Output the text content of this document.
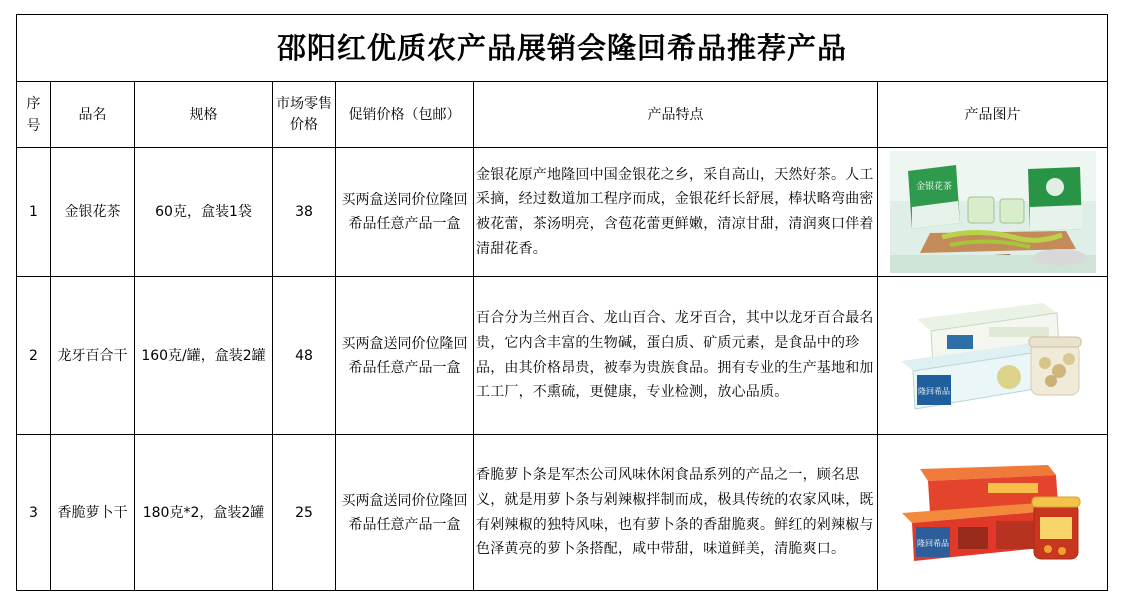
邵阳红优质农产品展销会隆回希品推荐产品						
序号	品名	规格	市场零售价格	促销价格（包邮）	产品特点	产品图片
1	金银花茶	60克，盒装1袋	38	买两盒送同价位隆回希品任意产品一盒	金银花原产地隆回中国金银花之乡，采自高山，天然好茶。人工采摘，经过数道加工程序而成，金银花纤长舒展，棒状略弯曲密被花蕾，茶汤明亮，含苞花蕾更鲜嫩，清凉甘甜，清润爽口伴着清甜花香。	金银花茶

2	龙牙百合干	160克/罐，盒装2罐	48	买两盒送同价位隆回希品任意产品一盒	百合分为兰州百合、龙山百合、龙牙百合，其中以龙牙百合最名贵，它内含丰富的生物碱，蛋白质、矿质元素，是食品中的珍品，由其价格昂贵，被奉为贵族食品。拥有专业的生产基地和加工工厂，不熏硫，更健康，专业检测，放心品质。	隆回希品

3	香脆萝卜干	180克*2，盒装2罐	25	买两盒送同价位隆回希品任意产品一盒	香脆萝卜条是军杰公司风味休闲食品系列的产品之一，顾名思义，就是用萝卜条与剁辣椒拌制而成，极具传统的农家风味，既有剁辣椒的独特风味，也有萝卜条的香甜脆爽。鲜红的剁辣椒与色泽黄亮的萝卜条搭配，咸中带甜，味道鲜美，清脆爽口。	隆回希品
